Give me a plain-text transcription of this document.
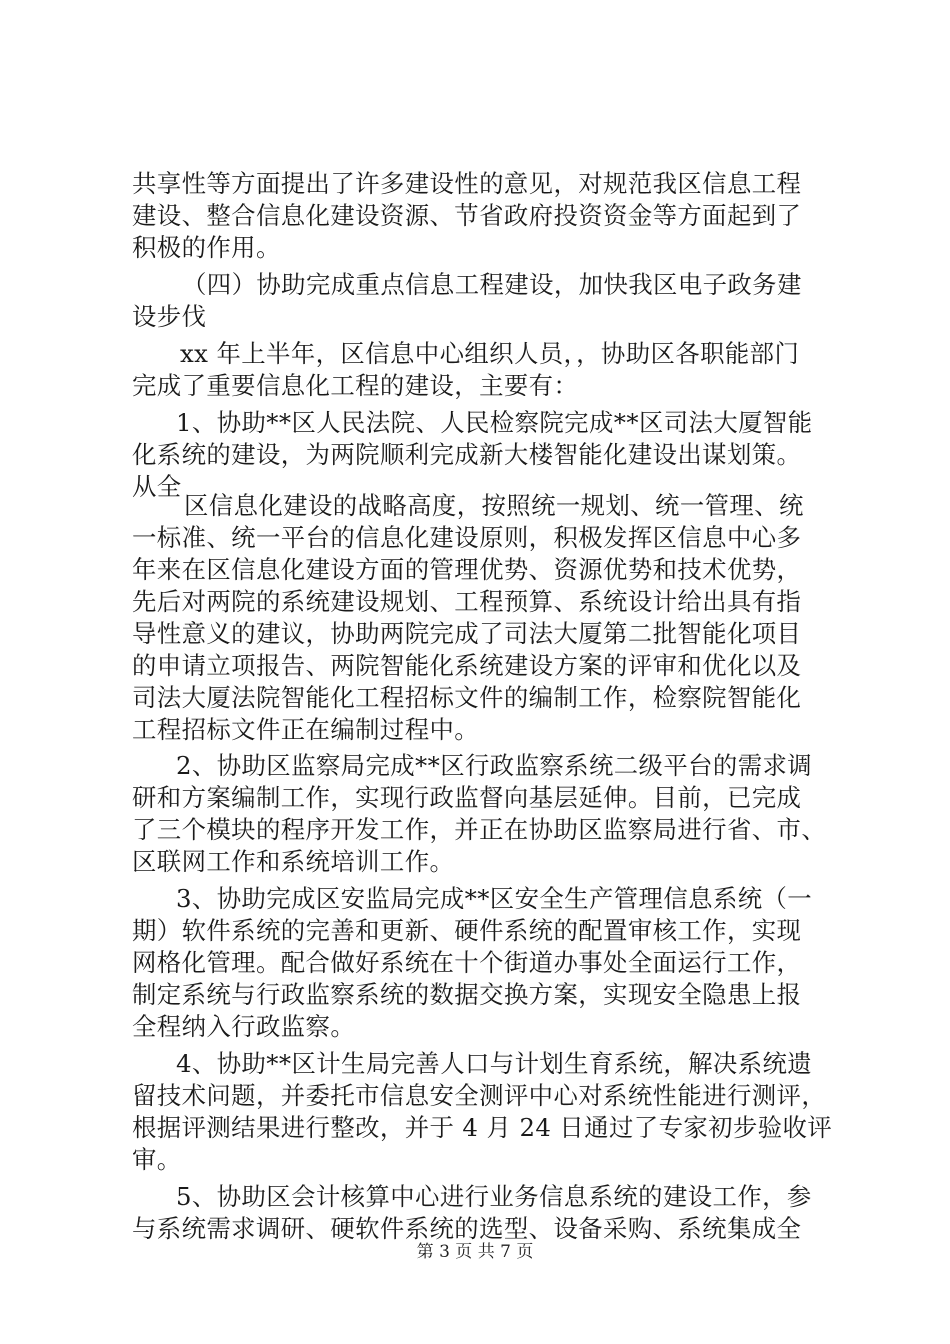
共享性等方面提出了许多建设性的意见，对规范我区信息工程
建设、整合信息化建设资源、节省政府投资资金等方面起到了
积极的作用。
（四）协助完成重点信息工程建设，加快我区电子政务建
设步伐
xx 年上半年，区信息中心组织人员，，协助区各职能部门
完成了重要信息化工程的建设，主要有：
1、协助**区人民法院、人民检察院完成**区司法大厦智能
化系统的建设，为两院顺利完成新大楼智能化建设出谋划策。
从全
区信息化建设的战略高度，按照统一规划、统一管理、统
一标准、统一平台的信息化建设原则，积极发挥区信息中心多
年来在区信息化建设方面的管理优势、资源优势和技术优势，
先后对两院的系统建设规划、工程预算、系统设计给出具有指
导性意义的建议，协助两院完成了司法大厦第二批智能化项目
的申请立项报告、两院智能化系统建设方案的评审和优化以及
司法大厦法院智能化工程招标文件的编制工作，检察院智能化
工程招标文件正在编制过程中。
2、协助区监察局完成**区行政监察系统二级平台的需求调
研和方案编制工作，实现行政监督向基层延伸。目前，已完成
了三个模块的程序开发工作，并正在协助区监察局进行省、市、
区联网工作和系统培训工作。
3、协助完成区安监局完成**区安全生产管理信息系统（一
期）软件系统的完善和更新、硬件系统的配置审核工作，实现
网格化管理。配合做好系统在十个街道办事处全面运行工作，
制定系统与行政监察系统的数据交换方案，实现安全隐患上报
全程纳入行政监察。
4、协助**区计生局完善人口与计划生育系统，解决系统遗
留技术问题，并委托市信息安全测评中心对系统性能进行测评，
根据评测结果进行整改，并于 4 月 24 日通过了专家初步验收评
审。
5、协助区会计核算中心进行业务信息系统的建设工作，参
与系统需求调研、硬软件系统的选型、设备采购、系统集成全
第 3 页 共 7 页
